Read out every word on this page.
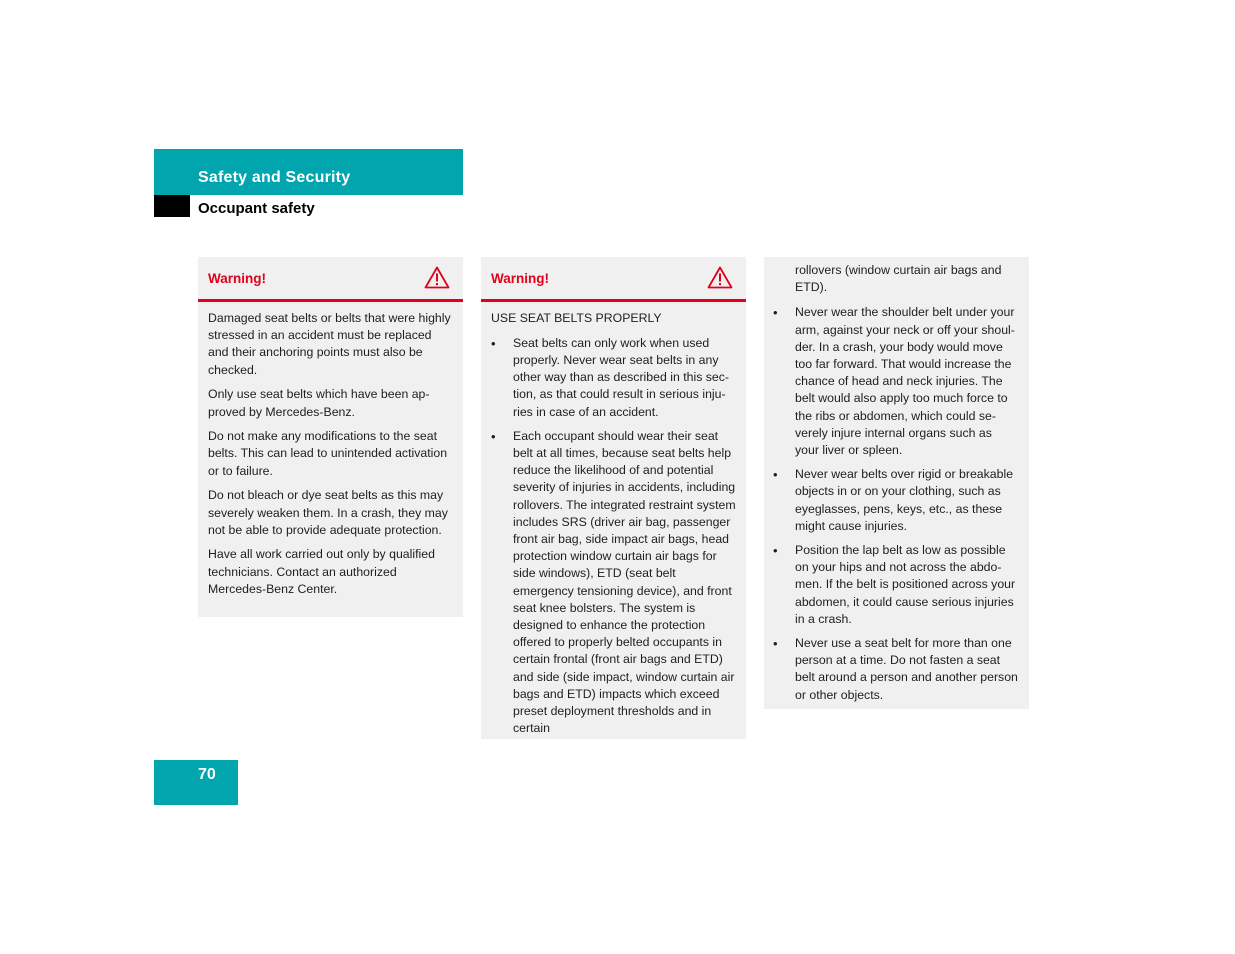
Safety and Security
Occupant safety
Warning!

Damaged seat belts or belts that were highly stressed in an accident must be replaced and their anchoring points must also be checked.

Only use seat belts which have been approved by Mercedes-Benz.

Do not make any modifications to the seat belts. This can lead to unintended activation or to failure.

Do not bleach or dye seat belts as this may severely weaken them. In a crash, they may not be able to provide adequate protection.

Have all work carried out only by qualified technicians. Contact an authorized Mercedes-Benz Center.

Warning!

USE SEAT BELTS PROPERLY

• Seat belts can only work when used properly. Never wear seat belts in any other way than as described in this section, as that could result in serious injuries in case of an accident.
• Each occupant should wear their seat belt at all times, because seat belts help reduce the likelihood of and potential severity of injuries in accidents, including rollovers. The integrated restraint system includes SRS (driver air bag, passenger front air bag, side impact air bags, head protection window curtain air bags for side windows), ETD (seat belt emergency tensioning device), and front seat knee bolsters. The system is designed to enhance the protection offered to properly belted occupants in certain frontal (front air bags and ETD) and side (side impact, window curtain air bags and ETD) impacts which exceed preset deployment thresholds and in certain

rollovers (window curtain air bags and ETD).

• Never wear the shoulder belt under your arm, against your neck or off your shoulder. In a crash, your body would move too far forward. That would increase the chance of head and neck injuries. The belt would also apply too much force to the ribs or abdomen, which could severely injure internal organs such as your liver or spleen.
• Never wear belts over rigid or breakable objects in or on your clothing, such as eyeglasses, pens, keys, etc., as these might cause injuries.
• Position the lap belt as low as possible on your hips and not across the abdomen. If the belt is positioned across your abdomen, it could cause serious injuries in a crash.
• Never use a seat belt for more than one person at a time. Do not fasten a seat belt around a person and another person or other objects.
70
